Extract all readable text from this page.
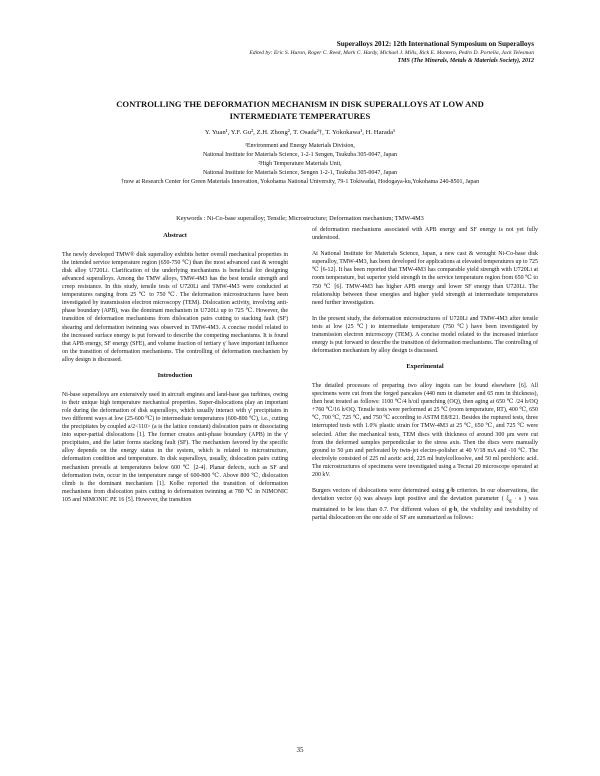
Superalloys 2012: 12th International Symposium on Superalloys
Edited by: Eric S. Huron, Roger C. Reed, Mark C. Hardy, Michael J. Mills, Rick E. Montero, Pedro D. Portella, Jack Telesman
TMS (The Minerals, Metals & Materials Society), 2012
CONTROLLING THE DEFORMATION MECHANISM IN DISK SUPERALLOYS AT LOW AND
INTERMEDIATE TEMPERATURES
Y. Yuan¹, Y.F. Gu², Z.H. Zhong², T. Osada²†, T. Yokokawa¹, H. Harada¹
¹Environment and Energy Materials Division,
National Institute for Materials Science, 1-2-1 Sengen, Tsukuba 305-0047, Japan
²High Temperature Materials Unit,
National Institute for Materials Science, Sengen 1-2-1, Tsukuba 305-0047, Japan
†now at Research Center for Green Materials Innovation, Yokohama National University, 79-1 Tokiwadai, Hodogaya-ku,Yokohama 240-8501, Japan
Keywords : Ni-Co-base superalloy; Tensile; Microstructure; Deformation mechanism; TMW-4M3
Abstract

The newly developed TMW® disk superalloy exhibits better overall mechanical properties in the intended service temperature region (650-750 ℃) than the most advanced cast & wrought disk alloy U720Li. Clarification of the underlying mechanisms is beneficial for designing advanced superalloys. Among the TMW alloys, TMW-4M3 has the best tensile strength and creep resistance. In this study, tensile tests of U720Li and TMW-4M3 were conducted at temperatures ranging from 25 ℃ to 750 ℃. The deformation microstructures have been investigated by transmission electron microscopy (TEM). Dislocation activity, involving anti-phase boundary (APB), was the dominant mechanism in U720Li up to 725 ℃. However, the transition of deformation mechanisms from dislocation pairs cutting to stacking fault (SF) shearing and deformation twinning was observed in TMW-4M3. A concise model related to the increased surface energy is put forward to describe the competing mechanisms. It is found that APB energy, SF energy (SFE), and volume fraction of tertiary γ′ have important influence on the transition of deformation mechanisms. The controlling of deformation mechanism by alloy design is discussed.

Introduction

Ni-base superalloys are extensively used in aircraft engines and land-base gas turbines, owing to their unique high temperature mechanical properties. Super-dislocations play an important role during the deformation of disk superalloys, which usually interact with γ′ precipitates in two different ways at low (25-600 ℃) to intermediate temperatures (600-800 ℃), i.e., cutting the precipitates by coupled a/2<110> (a is the lattice constant) dislocation pairs or dissociating into super-partial dislocations [1]. The former creates anti-phase boundary (APB) in the γ′ precipitates, and the latter forms stacking fault (SF). The mechanism favored by the specific alloy depends on the energy status in the system, which is related to microstructure, deformation condition and temperature. In disk superalloys, usually, dislocation pairs cutting mechanism prevails at temperatures below 600 ℃ [2-4]. Planar defects, such as SF and deformation twin, occur in the temperature range of 600-800 ℃. Above 800 ℃, dislocation climb is the dominant mechanism [1]. Kolbe reported the transition of deformation mechanisms from dislocation pairs cutting to deformation twinning at 780 ℃ in NIMONIC 105 and NIMONIC PE 16 [5]. However, the transition

of deformation mechanisms associated with APB energy and SF energy is not yet fully understood.

At National Institute for Materials Science, Japan, a new cast & wrought Ni-Co-base disk superalloy, TMW-4M3, has been developed for applications at elevated temperatures up to 725 ℃ [6-12]. It has been reported that TMW-4M3 has comparable yield strength with U720Li at room temperature, but superior yield strength in the service temperature region from 650 ℃ to 750 ℃ [6]. TMW-4M3 has higher APB energy and lower SF energy than U720Li. The relationship between these energies and higher yield strength at intermediate temperatures need further investigation.

In the present study, the deformation microstructures of U720Li and TMW-4M3 after tensile tests at low (25 ℃) to intermediate temperature (750 ℃) have been investigated by transmission electron microscopy (TEM). A concise model related to the increased interface energy is put forward to describe the transition of deformation mechanisms. The controlling of deformation mechanism by alloy design is discussed.

Experimental

The detailed processes of preparing two alloy ingots can be found elsewhere [6]. All specimens were cut from the forged pancakes (440 mm in diameter and 65 mm in thickness), then heat treated as follows: 1100 ℃/4 h/oil quenching (OQ), then aging at 650 ℃ /24 h/OQ +760 ℃/16 h/OQ. Tensile tests were performed at 25 ℃ (room temperature, RT), 400 ℃, 650 ℃, 700 ℃, 725 ℃, and 750 ℃ according to ASTM E8/E21. Besides the ruptured tests, three interrupted tests with 1.0% plastic strain for TMW-4M3 at 25 ℃, 650 ℃, and 725 ℃ were selected. After the mechanical tests, TEM discs with thickness of around 300 μm were cut from the deformed samples perpendicular to the stress axis. Then the discs were manually ground to 50 μm and perforated by twin-jet electro-polisher at 40 V/18 mA and -10 ℃. The electrolyte consisted of 225 ml acetic acid, 225 ml butylcellosolve, and 50 ml perchloric acid. The microstructures of specimens were investigated using a Tecnai 20 microscope operated at 200 kV.

Burgers vectors of dislocations were determined using g·b criterion. In our observations, the deviation vector (s) was always kept positive and the deviation parameter ( $\xi_g \cdot s$ ) was maintained to be less than 0.7. For different values of g·b, the visibility and invisibility of partial dislocation on the one side of SF are summarized as follows:

35
